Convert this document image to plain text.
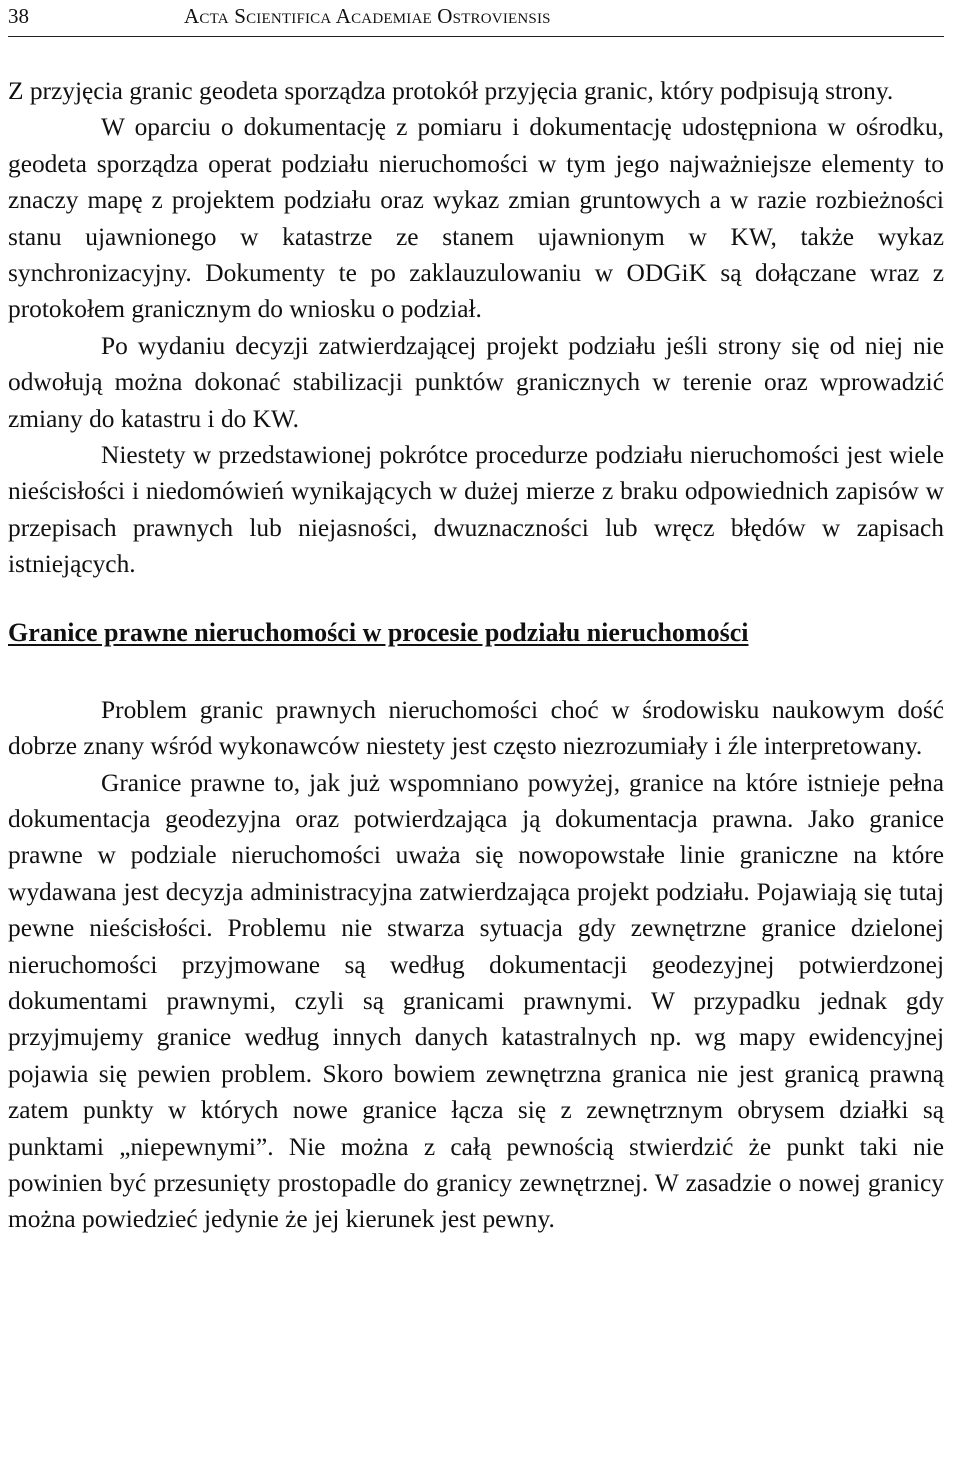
38	Acta Scientifica Academiae Ostroviensis

Z przyjęcia granic geodeta sporządza protokół przyjęcia granic, który podpisują strony.

W oparciu o dokumentację z pomiaru i dokumentację udostępniona w ośrodku, geodeta sporządza operat podziału nieruchomości w tym jego najważniejsze elementy to znaczy mapę z projektem podziału oraz wykaz zmian gruntowych a w razie rozbieżności stanu ujawnionego w katastrze ze stanem ujawnionym w KW, także wykaz synchronizacyjny. Dokumenty te po zaklauzulowaniu w ODGiK są dołączane wraz z protokołem granicznym do wniosku o podział.

Po wydaniu decyzji zatwierdzającej projekt podziału jeśli strony się od niej nie odwołują można dokonać stabilizacji punktów granicznych w terenie oraz wprowadzić zmiany do katastru i do KW.

Niestety w przedstawionej pokrótce procedurze podziału nieruchomości jest wiele nieścisłości i niedomówień wynikających w dużej mierze z braku odpowiednich zapisów w przepisach prawnych lub niejasności, dwuznaczności lub wręcz błędów w zapisach istniejących.

Granice prawne nieruchomości w procesie podziału nieruchomości

Problem granic prawnych nieruchomości choć w środowisku naukowym dość dobrze znany wśród wykonawców niestety jest często niezrozumiały i źle interpretowany.

Granice prawne to, jak już wspomniano powyżej, granice na które istnieje pełna dokumentacja geodezyjna oraz potwierdzająca ją dokumentacja prawna. Jako granice prawne w podziale nieruchomości uważa się nowopowstałe linie graniczne na które wydawana jest decyzja administracyjna zatwierdzająca projekt podziału. Pojawiają się tutaj pewne nieścisłości. Problemu nie stwarza sytuacja gdy zewnętrzne granice dzielonej nieruchomości przyjmowane są według dokumentacji geodezyjnej potwierdzonej dokumentami prawnymi, czyli są granicami prawnymi. W przypadku jednak gdy przyjmujemy granice według innych danych katastralnych np. wg mapy ewidencyjnej pojawia się pewien problem. Skoro bowiem zewnętrzna granica nie jest granicą prawną zatem punkty w których nowe granice łącza się z zewnętrznym obrysem działki są punktami „niepewnymi”. Nie można z całą pewnością stwierdzić że punkt taki nie powinien być przesunięty prostopadle do granicy zewnętrznej. W zasadzie o nowej granicy można powiedzieć jedynie że jej kierunek jest pewny.
